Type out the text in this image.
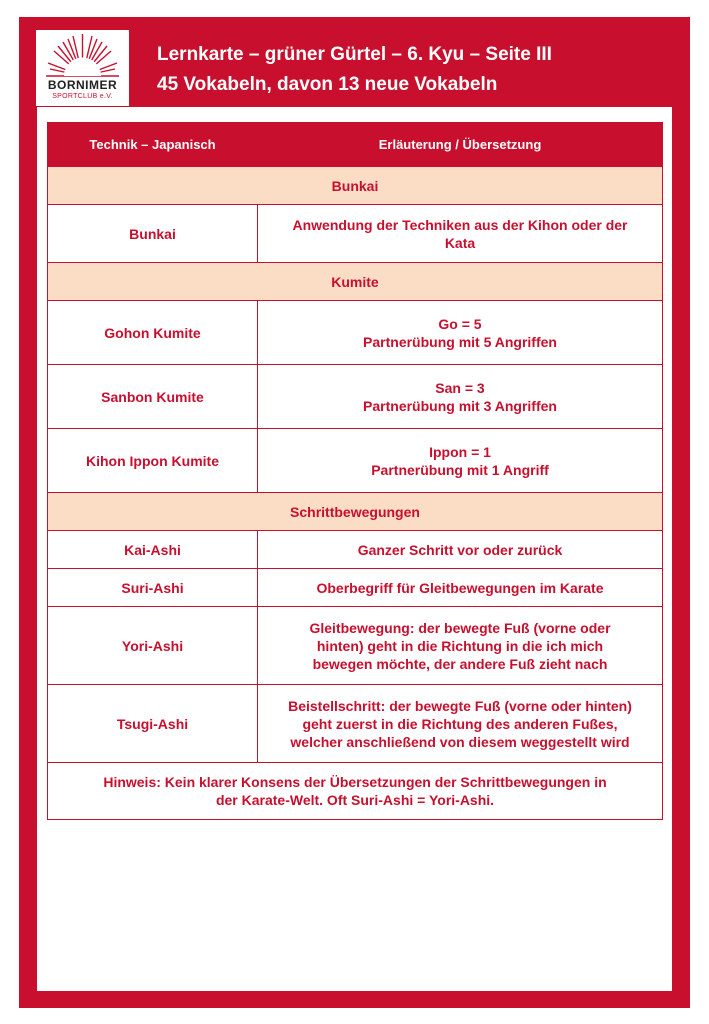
BORNIMER
SPORTCLUB e.V.
Lernkarte – grüner Gürtel – 6. Kyu – Seite III
45 Vokabeln, davon 13 neue Vokabeln
Technik – Japanisch	Erläuterung / Übersetzung
Bunkai	
Bunkai	Anwendung der Techniken aus der Kihon oder der
Kata

Kumite	
Gohon Kumite	Go = 5
Partnerübung mit 5 Angriffen

Sanbon Kumite	San = 3
Partnerübung mit 3 Angriffen

Kihon Ippon Kumite	Ippon = 1
Partnerübung mit 1 Angriff

Schrittbewegungen	
Kai-Ashi	Ganzer Schritt vor oder zurück

Suri-Ashi	Oberbegriff für Gleitbewegungen im Karate

Yori-Ashi	Gleitbewegung: der bewegte Fuß (vorne oder
hinten) geht in die Richtung in die ich mich
bewegen möchte, der andere Fuß zieht nach

Tsugi-Ashi	Beistellschritt: der bewegte Fuß (vorne oder hinten)
geht zuerst in die Richtung des anderen Fußes,
welcher anschließend von diesem weggestellt wird

Hinweis: Kein klarer Konsens der Übersetzungen der Schrittbewegungen in
der Karate-Welt. Oft Suri-Ashi = Yori-Ashi.	
